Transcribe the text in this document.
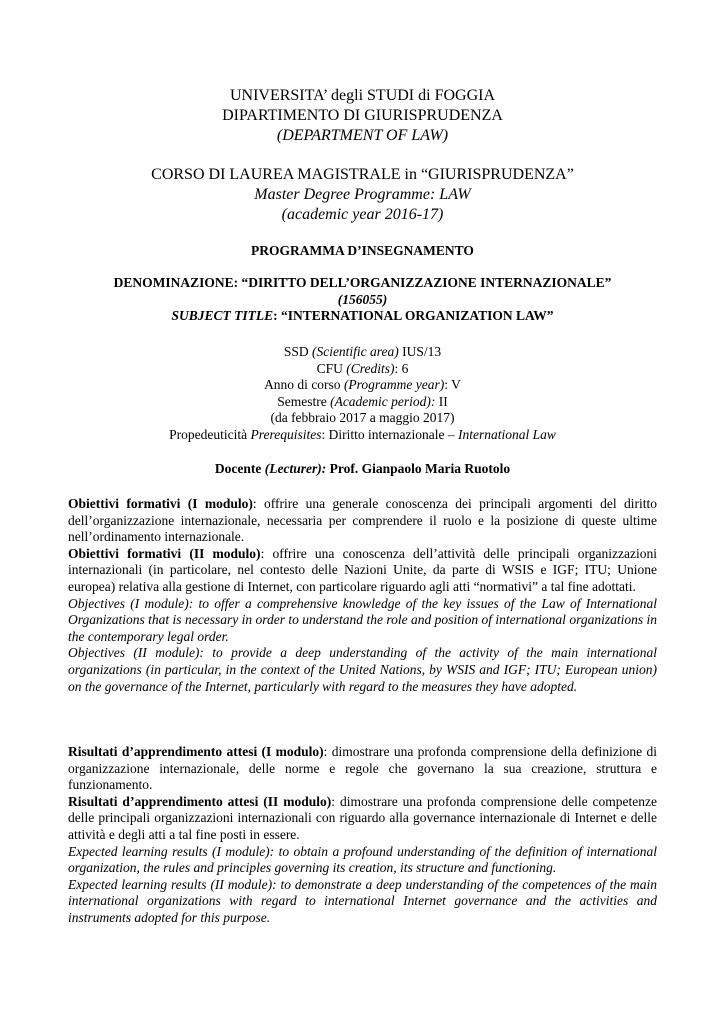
UNIVERSITA’ degli STUDI di FOGGIA
DIPARTIMENTO DI GIURISPRUDENZA
(DEPARTMENT OF LAW)
CORSO DI LAUREA MAGISTRALE in “GIURISPRUDENZA”
Master Degree Programme: LAW
(academic year 2016-17)
PROGRAMMA D’INSEGNAMENTO
DENOMINAZIONE: “DIRITTO DELL’ORGANIZZAZIONE INTERNAZIONALE”
(156055)
SUBJECT TITLE: “INTERNATIONAL ORGANIZATION LAW”
SSD (Scientific area) IUS/13
CFU (Credits): 6
Anno di corso (Programme year): V
Semestre (Academic period): II
(da febbraio 2017 a maggio 2017)
Propedeuticità Prerequisites: Diritto internazionale – International Law
Docente (Lecturer): Prof. Gianpaolo Maria Ruotolo

Obiettivi formativi (I modulo): offrire una generale conoscenza dei principali argomenti del diritto dell’organizzazione internazionale, necessaria per comprendere il ruolo e la posizione di queste ultime nell’ordinamento internazionale.

Obiettivi formativi (II modulo): offrire una conoscenza dell’attività delle principali organizzazioni internazionali (in particolare, nel contesto delle Nazioni Unite, da parte di WSIS e IGF; ITU; Unione europea) relativa alla gestione di Internet, con particolare riguardo agli atti “normativi” a tal fine adottati.

Objectives (I module): to offer a comprehensive knowledge of the key issues of the Law of International Organizations that is necessary in order to understand the role and position of international organizations in the contemporary legal order.

Objectives (II module): to provide a deep understanding of the activity of the main international organizations (in particular, in the context of the United Nations, by WSIS and IGF; ITU; European union) on the governance of the Internet, particularly with regard to the measures they have adopted.

Risultati d’apprendimento attesi (I modulo): dimostrare una profonda comprensione della definizione di organizzazione internazionale, delle norme e regole che governano la sua creazione, struttura e funzionamento.

Risultati d’apprendimento attesi (II modulo): dimostrare una profonda comprensione delle competenze delle principali organizzazioni internazionali con riguardo alla governance internazionale di Internet e delle attività e degli atti a tal fine posti in essere.

Expected learning results (I module): to obtain a profound understanding of the definition of international organization, the rules and principles governing its creation, its structure and functioning.

Expected learning results (II module): to demonstrate a deep understanding of the competences of the main international organizations with regard to international Internet governance and the activities and instruments adopted for this purpose.
